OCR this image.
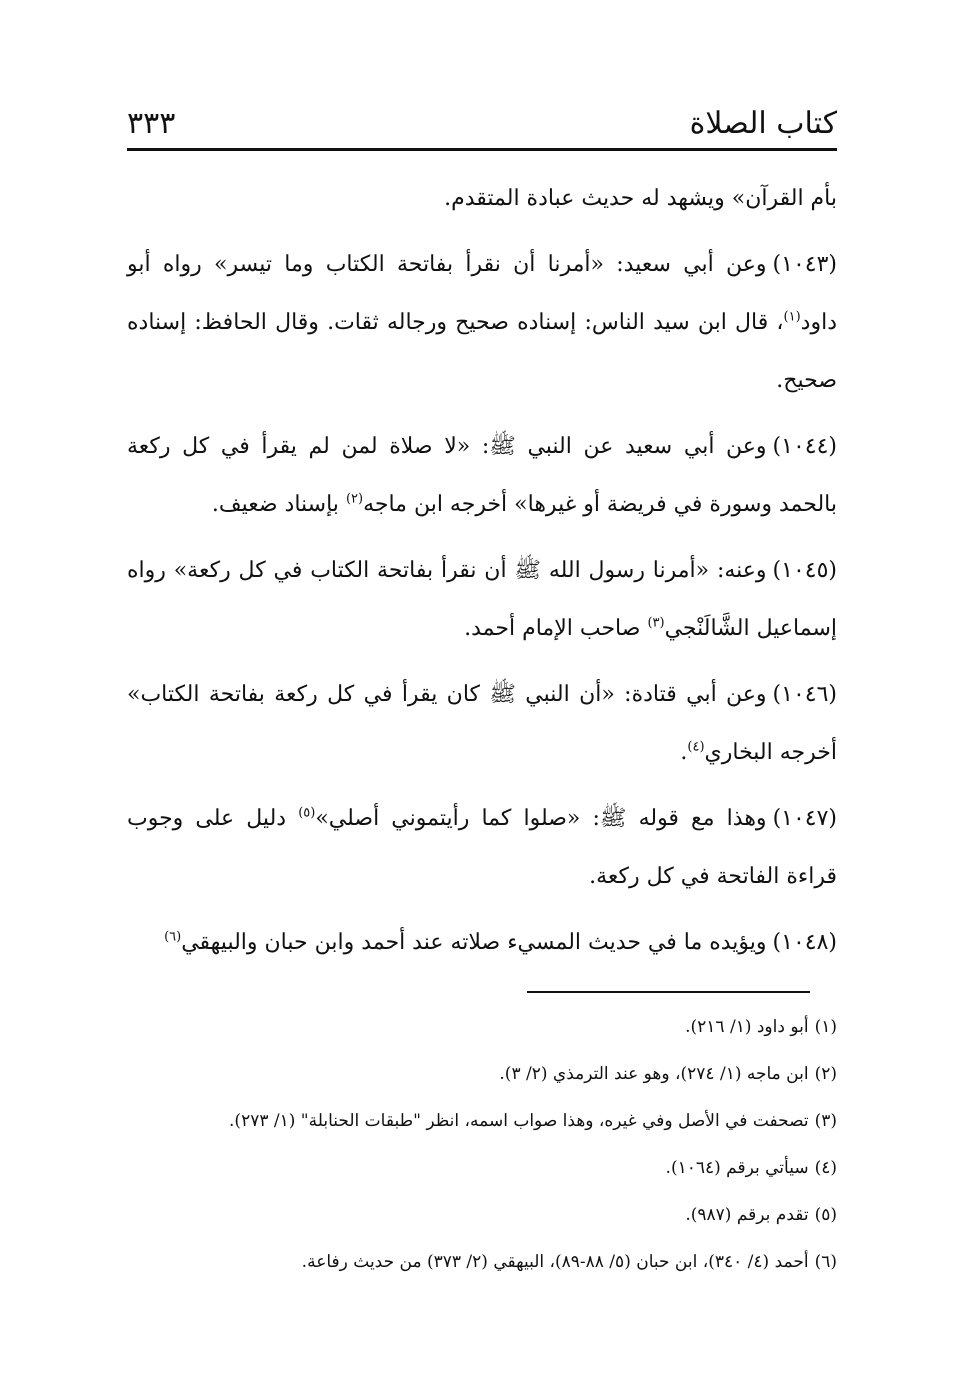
كتاب الصلاة
٣٣٣

بأم القرآن» ويشهد له حديث عبادة المتقدم.

(١٠٤٣)وعن أبي سعيد: «أمرنا أن نقرأ بفاتحة الكتاب وما تيسر» رواه أبو داود$^{(١)}$، قال ابن سيد الناس: إسناده صحيح ورجاله ثقات. وقال الحافظ: إسناده صحيح.

(١٠٤٤)وعن أبي سعيد عن النبي ﷺ: «لا صلاة لمن لم يقرأ في كل ركعة بالحمد وسورة في فريضة أو غيرها» أخرجه ابن ماجه$^{(٢)}$ بإسناد ضعيف.

(١٠٤٥)وعنه: «أمرنا رسول الله ﷺ أن نقرأ بفاتحة الكتاب في كل ركعة» رواه إسماعيل الشَّالَنْجي$^{(٣)}$ صاحب الإمام أحمد.

(١٠٤٦)وعن أبي قتادة: «أن النبي ﷺ كان يقرأ في كل ركعة بفاتحة الكتاب» أخرجه البخاري$^{(٤)}$.

(١٠٤٧)وهذا مع قوله ﷺ: «صلوا كما رأيتموني أصلي»$^{(٥)}$ دليل على وجوب قراءة الفاتحة في كل ركعة.

(١٠٤٨)ويؤيده ما في حديث المسيء صلاته عند أحمد وابن حبان والبيهقي$^{(٦)}$

(١)أبو داود (١/ ٢١٦).

(٢)ابن ماجه (١/ ٢٧٤)، وهو عند الترمذي (٢/ ٣).

(٣)تصحفت في الأصل وفي غيره، وهذا صواب اسمه، انظر "طبقات الحنابلة" (١/ ٢٧٣).

(٤)سيأتي برقم (١٠٦٤).

(٥)تقدم برقم (٩٨٧).

(٦)أحمد (٤/ ٣٤٠)، ابن حبان (٥/ ٨٨-٨٩)، البيهقي (٢/ ٣٧٣) من حديث رفاعة.
